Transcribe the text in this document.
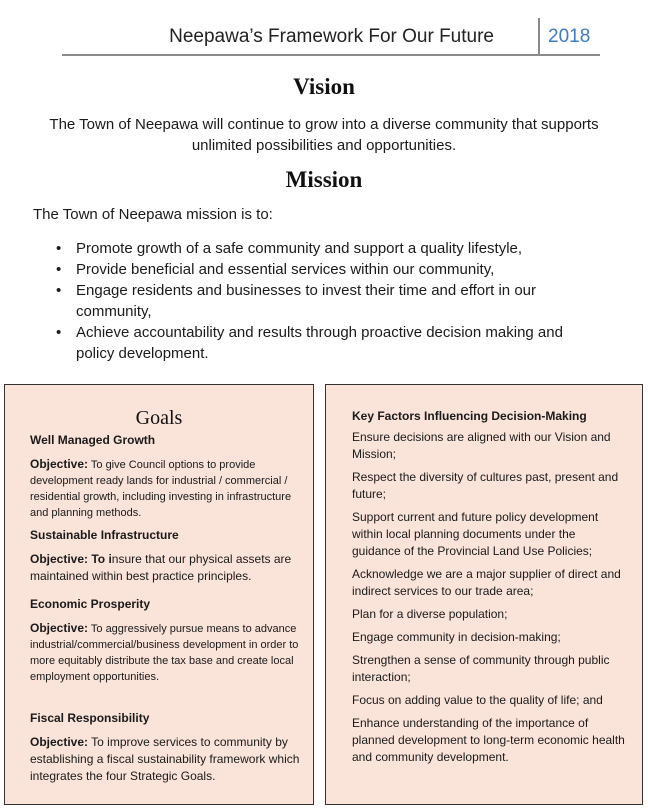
Neepawa’s Framework For Our Future	2018
Vision
The Town of Neepawa will continue to grow into a diverse community that supports unlimited possibilities and opportunities.
Mission
The Town of Neepawa mission is to:
• Promote growth of a safe community and support a quality lifestyle,
• Provide beneficial and essential services within our community,
• Engage residents and businesses to invest their time and effort in our community,
• Achieve accountability and results through proactive decision making and policy development.
Goals
Well Managed Growth
Objective: To give Council options to provide development ready lands for industrial / commercial / residential growth, including investing in infrastructure and planning methods.
Sustainable Infrastructure
Objective: To insure that our physical assets are maintained within best practice principles.
Economic Prosperity
Objective: To aggressively pursue means to advance industrial/commercial/business development in order to more equitably distribute the tax base and create local employment opportunities.
Fiscal Responsibility
Objective: To improve services to community by establishing a fiscal sustainability framework which integrates the four Strategic Goals.
Key Factors Influencing Decision-Making
Ensure decisions are aligned with our Vision and Mission;
Respect the diversity of cultures past, present and future;
Support current and future policy development within local planning documents under the guidance of the Provincial Land Use Policies;
Acknowledge we are a major supplier of direct and indirect services to our trade area;
Plan for a diverse population;
Engage community in decision-making;
Strengthen a sense of community through public interaction;
Focus on adding value to the quality of life; and
Enhance understanding of the importance of planned development to long-term economic health and community development.
